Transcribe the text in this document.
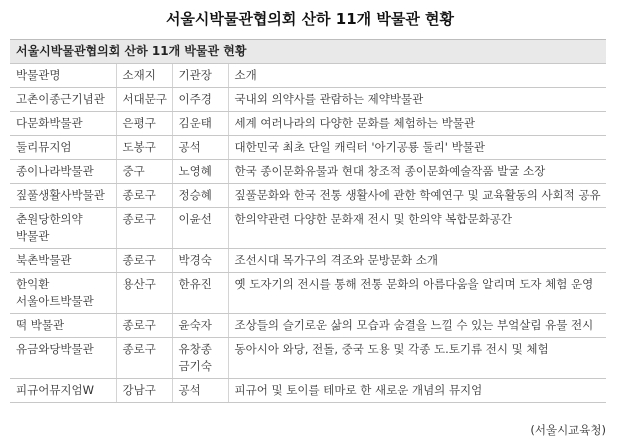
서울시박물관협의회 산하 11개 박물관 현황
서울시박물관협의회 산하 11개 박물관 현황			
박물관명	소재지	기관장	소개
고촌이종근기념관	서대문구	이주경	국내외 의약사를 관람하는 제약박물관
다문화박물관	은평구	김운태	세계 여러나라의 다양한 문화를 체험하는 박물관
둘리뮤지엄	도봉구	공석	대한민국 최초 단일 캐릭터 '아기공룡 둘리' 박물관
종이나라박물관	중구	노영혜	한국 종이문화유물과 현대 창조적 종이문화예술작품 발굴 소장
짚풀생활사박물관	종로구	정승혜	짚풀문화와 한국 전통 생활사에 관한 학예연구 및 교육활동의 사회적 공유
춘원당한의약 박물관	종로구	이윤선	한의약관련 다양한 문화재 전시 및 한의약 복합문화공간
북촌박물관	종로구	박경숙	조선시대 목가구의 격조와 문방문화 소개
한익환 서울아트박물관	용산구	한유진	옛 도자기의 전시를 통해 전통 문화의 아름다움을 알리며 도자 체험 운영
떡 박물관	종로구	윤숙자	조상들의 슬기로운 삶의 모습과 숨결을 느낄 수 있는 부엌살림 유물 전시
유금와당박물관	종로구	유창종 금기숙	동아시아 와당, 전돌, 중국 도용 및 각종 도.토기류 전시 및 체험
피규어뮤지엄W	강남구	공석	피규어 및 토이를 테마로 한 새로운 개념의 뮤지엄
(서울시교육청)
